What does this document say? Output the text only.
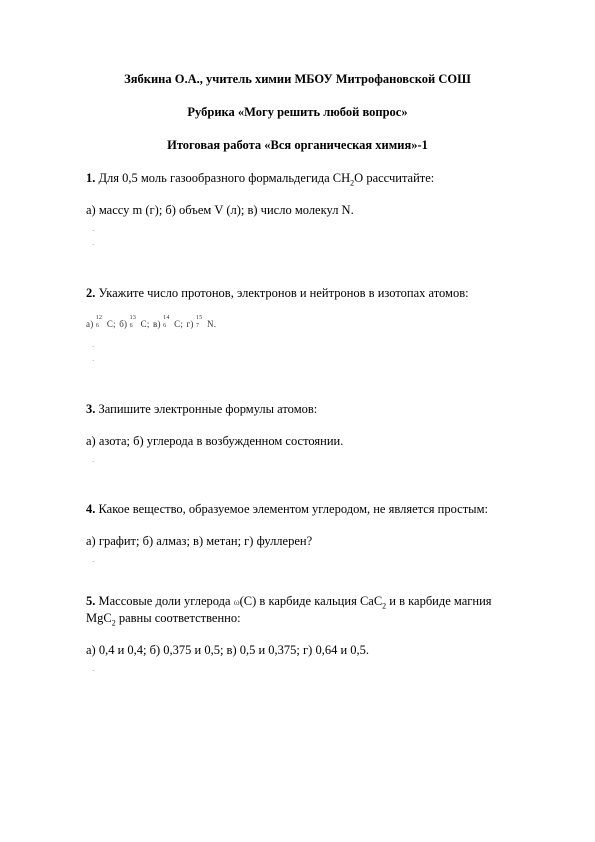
Зябкина О.А., учитель химии МБОУ Митрофановской СОШ
Рубрика «Могу решить любой вопрос»
Итоговая работа «Вся органическая химия»-1
1. Для 0,5 моль газообразного формальдегида $CH_2O$ рассчитайте:
а) массу m (г); б) объем V (л); в) число молекул N.
·
·
2. Укажите число протонов, электронов и нейтронов в изотопах атомов:
а)
12
6 C; б)
13
6 C; в)
14
6 C; г)
15
7 N.
·
·
3. Запишите электронные формулы атомов:
а) азота; б) углерода в возбужденном состоянии.
·
4. Какое вещество, образуемое элементом углеродом, не является простым:
а) графит; б) алмаз; в) метан; г) фуллерен?
·
5. Массовые доли углерода ω(C) в карбиде кальция CaC$_2$ и в карбиде магния
MgC$_2$ равны соответственно:
а) 0,4 и 0,4; б) 0,375 и 0,5; в) 0,5 и 0,375; г) 0,64 и 0,5.
·
